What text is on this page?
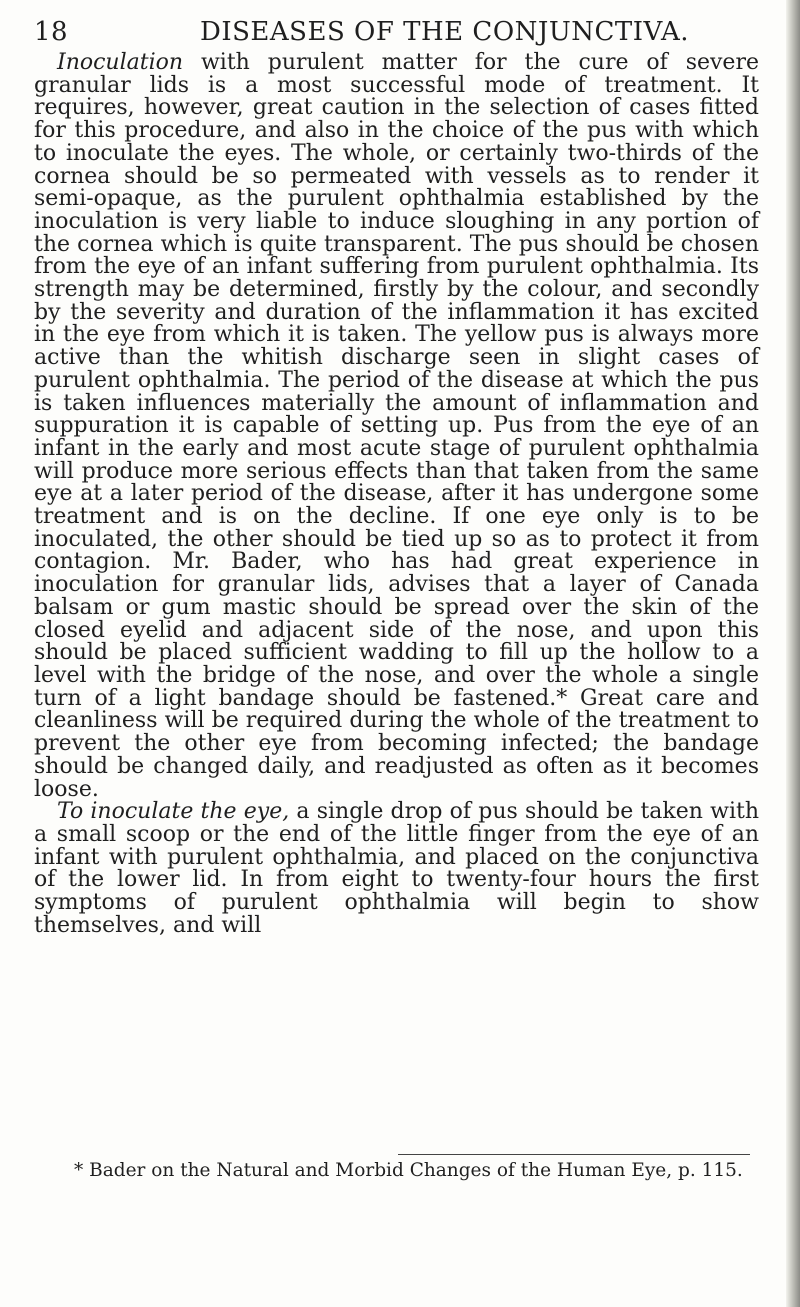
18	DISEASES OF THE CONJUNCTIVA.

Inoculation with purulent matter for the cure of severe granular lids is a most successful mode of treatment. It requires, however, great caution in the selection of cases fitted for this procedure, and also in the choice of the pus with which to inoculate the eyes. The whole, or certainly two-thirds of the cornea should be so permeated with vessels as to render it semi-opaque, as the purulent ophthalmia established by the inoculation is very liable to induce sloughing in any portion of the cornea which is quite transparent. The pus should be chosen from the eye of an infant suffering from purulent ophthalmia. Its strength may be determined, firstly by the colour, and secondly by the severity and duration of the inflammation it has excited in the eye from which it is taken. The yellow pus is always more active than the whitish discharge seen in slight cases of purulent ophthalmia. The period of the disease at which the pus is taken influences materially the amount of inflammation and suppuration it is capable of setting up. Pus from the eye of an infant in the early and most acute stage of purulent ophthalmia will produce more serious effects than that taken from the same eye at a later period of the disease, after it has undergone some treatment and is on the decline. If one eye only is to be inoculated, the other should be tied up so as to protect it from contagion. Mr. Bader, who has had great experience in inoculation for granular lids, advises that a layer of Canada balsam or gum mastic should be spread over the skin of the closed eyelid and adjacent side of the nose, and upon this should be placed sufficient wadding to fill up the hollow to a level with the bridge of the nose, and over the whole a single turn of a light bandage should be fastened.* Great care and cleanliness will be required during the whole of the treatment to prevent the other eye from becoming infected; the bandage should be changed daily, and readjusted as often as it becomes loose.

To inoculate the eye, a single drop of pus should be taken with a small scoop or the end of the little finger from the eye of an infant with purulent ophthalmia, and placed on the conjunctiva of the lower lid. In from eight to twenty-four hours the first symptoms of purulent ophthalmia will begin to show themselves, and will

* Bader on the Natural and Morbid Changes of the Human Eye, p. 115.
